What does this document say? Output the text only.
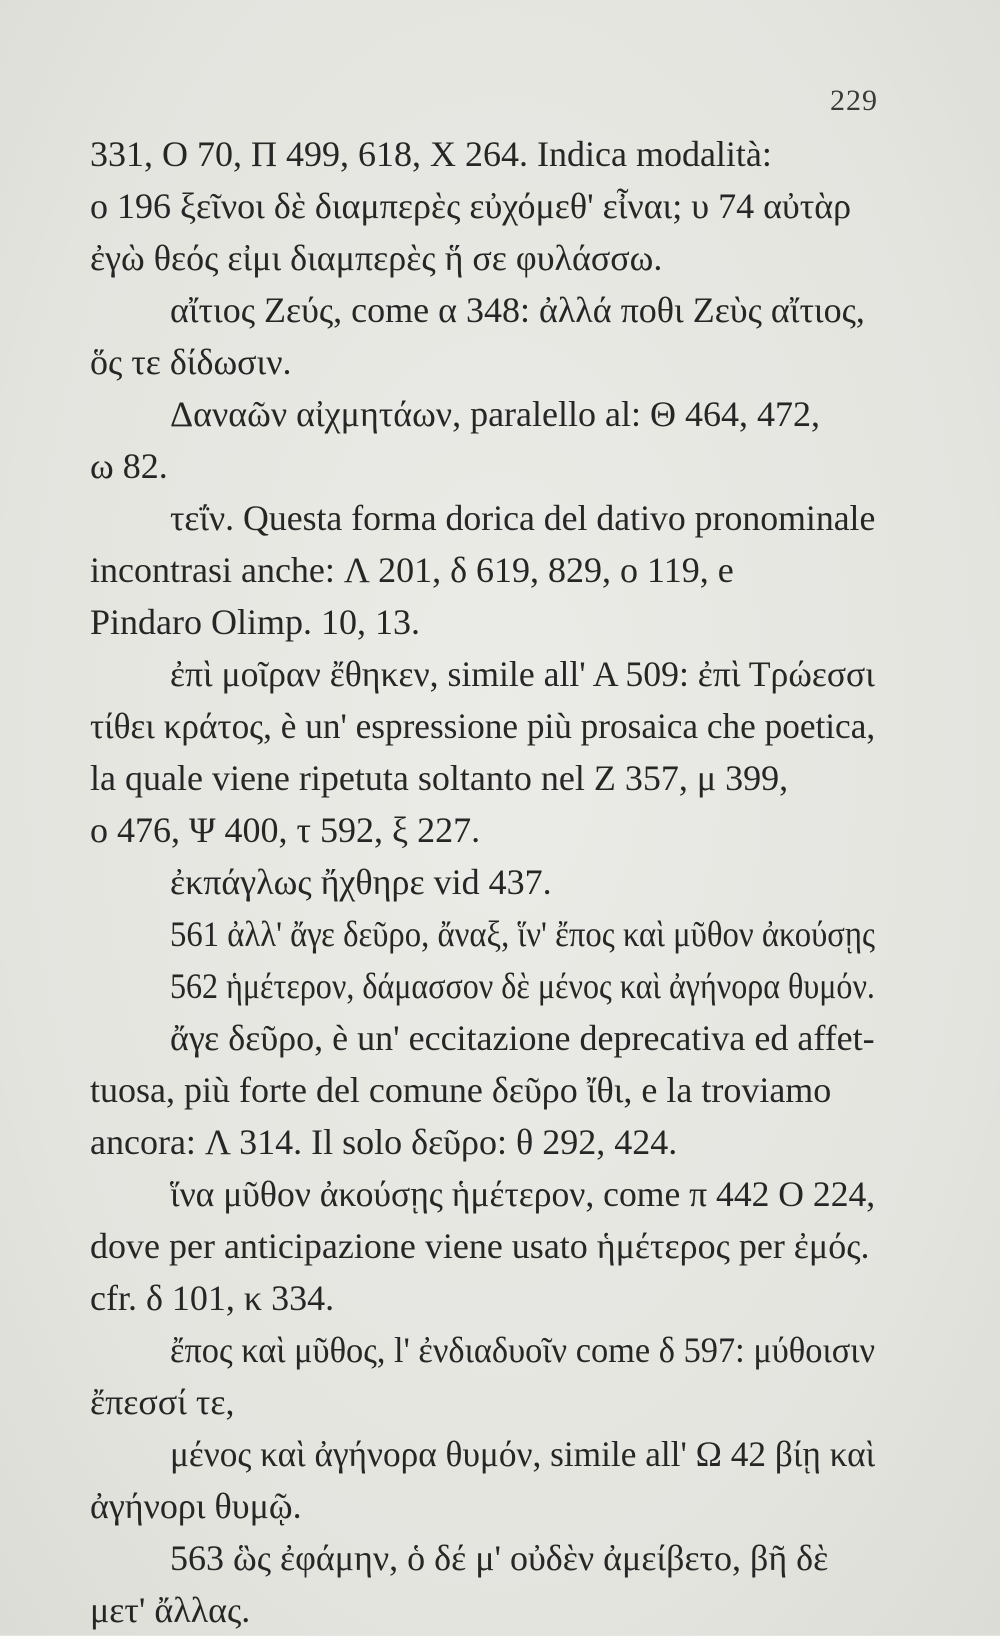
229
331, O 70, Π 499, 618, X 264. Indica modalità:
ο 196 ξεῖνοι δὲ διαμπερὲς εὐχόμεθ' εἶναι; υ 74 αὐτὰρ
ἐγὼ θεός εἰμι διαμπερὲς ἥ σε φυλάσσω.
αἴτιος Ζεύς, come α 348: ἀλλά ποθι Ζεὺς αἴτιος,
ὅς τε δίδωσιν.
Δαναῶν αἰχμητάων, paralello al: Θ 464, 472,
ω 82.
τεΐν. Questa forma dorica del dativo pronominale
incontrasi anche: Λ 201, δ 619, 829, ο 119, e
Pindaro Olimp. 10, 13.
ἐπὶ μοῖραν ἔθηκεν, simile all' A 509: ἐπὶ Τρώεσσι
τίθει κράτος, è un' espressione più prosaica che poetica,
la quale viene ripetuta soltanto nel Z 357, μ 399,
ο 476, Ψ 400, τ 592, ξ 227.
ἐκπάγλως ἤχθηρε vid 437.
561 ἀλλ' ἄγε δεῦρο, ἄναξ, ἵν' ἔπος καὶ μῦθον ἀκούσῃς
562 ἡμέτερον, δάμασσον δὲ μένος καὶ ἀγήνορα θυμόν.
ἄγε δεῦρο, è un' eccitazione deprecativa ed affet-
tuosa, più forte del comune δεῦρο ἴθι, e la troviamo
ancora: Λ 314. Il solo δεῦρο: θ 292, 424.
ἵνα μῦθον ἀκούσῃς ἡμέτερον, come π 442 O 224,
dove per anticipazione viene usato ἡμέτερος per ἐμός.
cfr. δ 101, κ 334.
ἔπος καὶ μῦθος, l' ἐνδιαδυοῖν come δ 597: μύθοισιν
ἔπεσσί τε,
μένος καὶ ἀγήνορα θυμόν, simile all' Ω 42 βίῃ καὶ
ἀγήνορι θυμῷ.
563 ὣς ἐφάμην, ὁ δέ μ' οὐδὲν ἀμείβετο, βῆ δὲ
μετ' ἄλλας.
